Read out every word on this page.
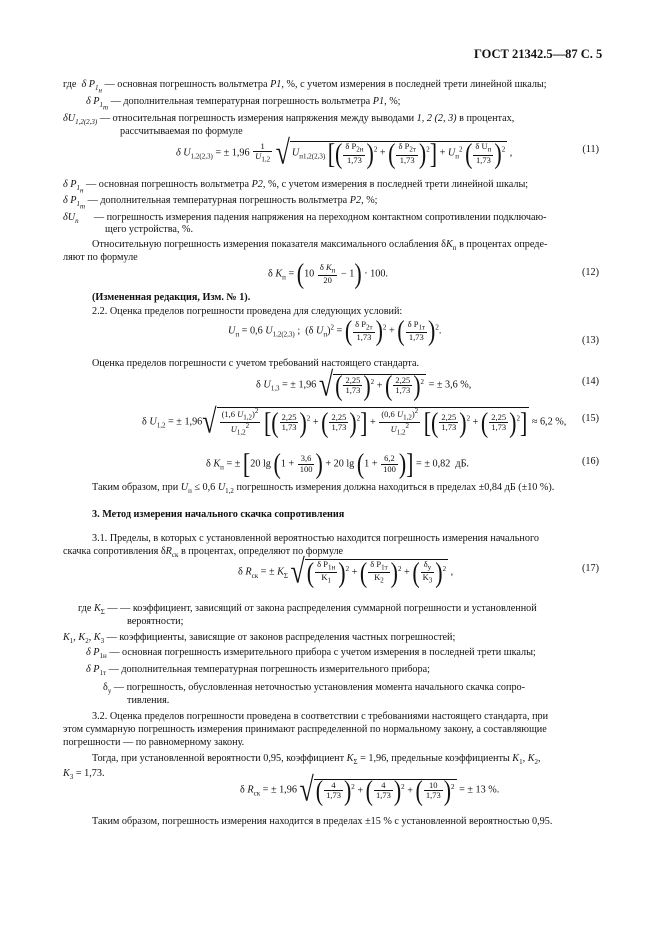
ГОСТ 21342.5—87 С. 5
где δ $P_{1_н}$ — основная погрешность вольтметра P1, %, с учетом измерения в последней трети линейной шкалы;
δ $P_{1_т}$ — дополнительная температурная погрешность вольтметра P1, %;
$\delta U_{1,2(2,3)}$ — относительная погрешность измерения напряжения между выводами 1, 2 (2, 3) в процентах,
рассчитываемая по формуле
δ $U_{1,2(2,3)}$ = ± $1,96 \frac{1}{U_{1,2}}$ √ $U_{п1,2(2,3)}$ [( $\frac{\delta P_{2н}}{1,73} )^2$ + ( $\frac{\delta P_{2т}}{1,73} )^2] + U_п^2$ ( $\frac{\delta U_п}{1,73} )^2$ ,	(11)
δ $P_{1_н}$ — основная погрешность вольтметра P2, %, с учетом измерения в последней трети линейной шкалы;
δ $P_{1_т}$ — дополнительная температурная погрешность вольтметра P2, %;
$\delta U_п$ — погрешность измерения падения напряжения на переходном контактном сопротивлении подключаю-
щего устройства, %.
Относительную погрешность измерения показателя максимального ослабления $\delta K_п$ в процентах опреде-
ляют по формуле
δ $K_п = (10 \frac{\delta K_п}{20} - 1) \cdot 100$.	(12)
(Измененная редакция, Изм. № 1).
2.2. Оценка пределов погрешности проведена для следующих условий:
$U_п = 0,6$ $U_{1,2(2,3)}$ ;  (δ $U_п)^2$ = ( $\frac{\delta P_{2т}}{1,73} )^2$ + ( $\frac{\delta P_{1т}}{1,73} )^2$.
(13)
Оценка пределов погрешности с учетом требований настоящего стандарта.
δ $U_{1,3}$ = ± 1,96 √( $\frac{2,25}{1,73} )^2$ + ( $\frac{2,25}{1,73} )^2$ = ± 3,6 %,	(14)
δ $U_{1,2}$ = ± $1,96√ \frac{(1,6 U_{1,2})^2}{U_{1,2}^2}$ [( $\frac{2,25}{1,73} )^2$ + ( $\frac{2,25}{1,73} )^2] + \frac{(0,6 U_{1,2})^2}{U_{1,2}^2}$ [( $\frac{2,25}{1,73} )^2$ + ( $\frac{2,25}{1,73} )^2] \approx 6,2$ %, (15)
δ $K_п$ = ± [20 $\lg (1 + \frac{3,6}{100}$ ) + 20 $\lg (1 + \frac{6,2}{100}$ )] = ± 0,82  дБ.	(16)
Таким образом, при $U_п \le 0,6$ $U_{1,2}$ погрешность измерения должна находиться в пределах ±0,84 дБ (±10 %).
3. Метод измерения начального скачка сопротивления
3.1. Пределы, в которых с установленной вероятностью находится погрешность измерения начального
скачка сопротивления $\delta R_{ск}$ в процентах, определяют по формуле
δ $R_{ск}$ = ± $K_\Sigma$ √( $\frac{\delta P_{1н}}{K_1} )^2$ + ( $\frac{\delta P_{1т}}{K_2} )^2$ + ( $\frac{\delta_у}{K_3} )^2$ ,	(17)
где $K_\Sigma$ — — коэффициент, зависящий от закона распределения суммарной погрешности и установленной
вероятности;
$K_1$, $K_2$, $K_3$ — коэффициенты, зависящие от законов распределения частных погрешностей;
δ $P_{1н}$ — основная погрешность измерительного прибора с учетом измерения в последней трети шкалы;
δ $P_{1т}$ — дополнительная температурная погрешность измерительного прибора;
$\delta_у$ — погрешность, обусловленная неточностью установления момента начального скачка сопро-
тивления.
3.2. Оценка пределов погрешности проведена в соответствии с требованиями настоящего стандарта, при
этом суммарную погрешность измерения принимают распределенной по нормальному закону, а составляющие
погрешности — по равномерному закону.
Тогда, при установленной вероятности 0,95, коэффициент $K_\Sigma = 1,96$, предельные коэффициенты $K_1$, $K_2$,
$K_3 = 1,73$.
δ $R_{ск}$ = ± 1,96 √( $\frac{4}{1,73} )^2$ + ( $\frac{4}{1,73} )^2$ + ( $\frac{10}{1,73} )^2$ = ± 13 %.
Таким образом, погрешность измерения находится в пределах ±15 % с установленной вероятностью 0,95.
